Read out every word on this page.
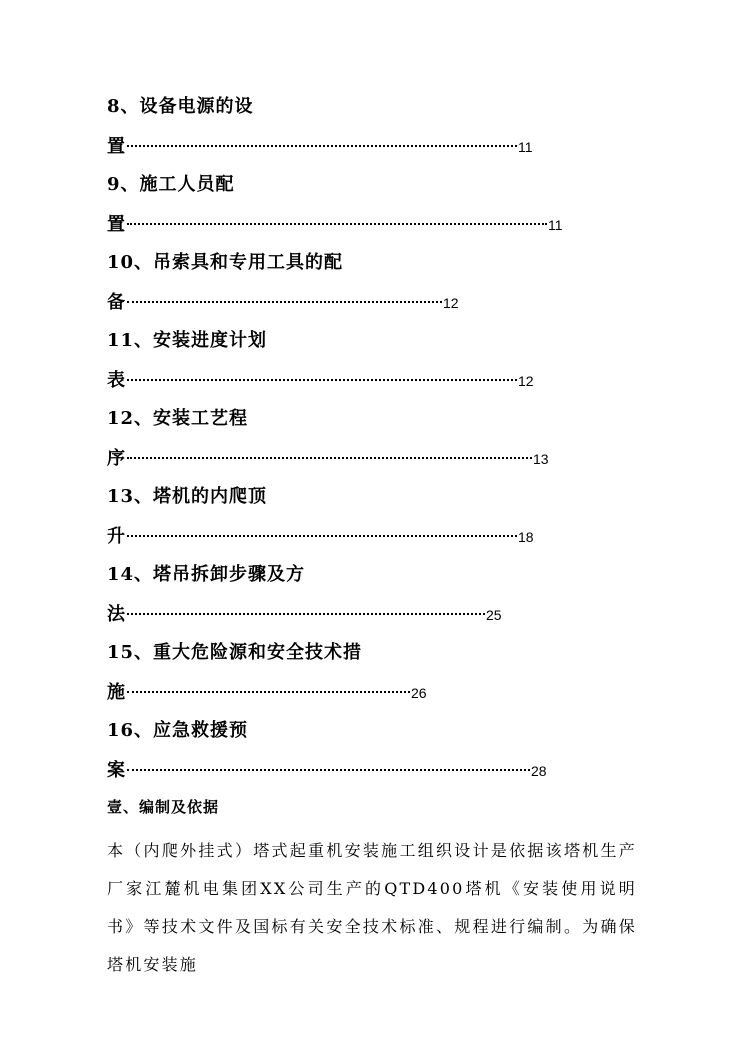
8、设备电源的设
置	11
9、施工人员配
置	11
10、吊索具和专用工具的配
备	12
11、安装进度计划
表	12
12、安装工艺程
序	13
13、塔机的内爬顶
升	18
14、塔吊拆卸步骤及方
法	25
15、重大危险源和安全技术措
施	26
16、应急救援预
案	28
壹、编制及依据
本（内爬外挂式）塔式起重机安装施工组织设计是依据该塔机生产厂家江麓机电集团XX公司生产的QTD400塔机《安装使用说明书》等技术文件及国标有关安全技术标准、规程进行编制。为确保塔机安装施
